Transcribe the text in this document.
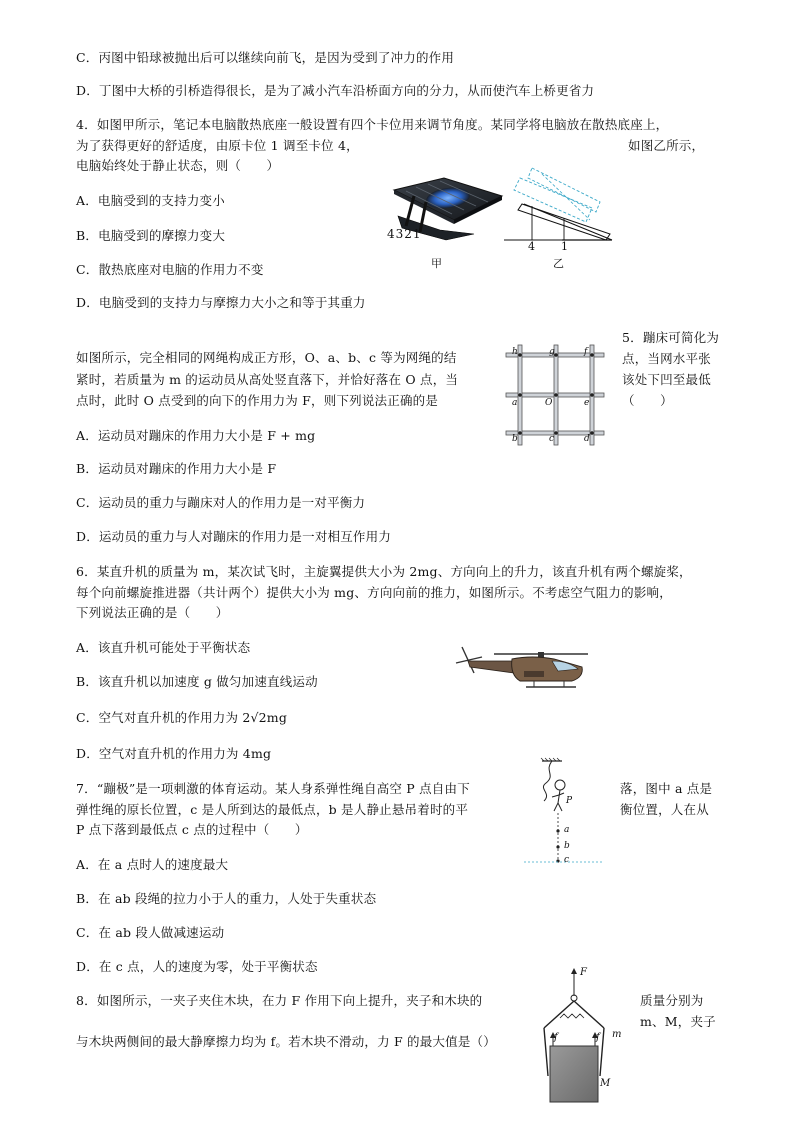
C．丙图中铅球被抛出后可以继续向前飞，是因为受到了冲力的作用
D．丁图中大桥的引桥造得很长，是为了减小汽车沿桥面方向的分力，从而使汽车上桥更省力
4．如图甲所示，笔记本电脑散热底座一般设置有四个卡位用来调节角度。某同学将电脑放在散热底座上，
为了获得更好的舒适度，由原卡位 1 调至卡位 4，	如图乙所示，
电脑始终处于静止状态，则（　　）
A．电脑受到的支持力变小
B．电脑受到的摩擦力变大
C．散热底座对电脑的作用力不变
D．电脑受到的支持力与摩擦力大小之和等于其重力
4321
甲
4 1
乙
5．蹦床可简化为
点，当网水平张
该处下凹至最低
（　　）
如图所示，完全相同的网绳构成正方形，O、a、b、c 等为网绳的结
紧时，若质量为 m 的运动员从高处竖直落下，并恰好落在 O 点，当
点时，此时 O 点受到的向下的作用力为 F，则下列说法正确的是
A．运动员对蹦床的作用力大小是 F + mg
B．运动员对蹦床的作用力大小是 F
C．运动员的重力与蹦床对人的作用力是一对平衡力
D．运动员的重力与人对蹦床的作用力是一对相互作用力
h	g	f
a	O	e
b	c	d
6．某直升机的质量为 m，某次试飞时，主旋翼提供大小为 2mg、方向向上的升力，该直升机有两个螺旋桨，
每个向前螺旋推进器（共计两个）提供大小为 mg、方向向前的推力，如图所示。不考虑空气阻力的影响，
下列说法正确的是（　　）
A．该直升机可能处于平衡状态
B．该直升机以加速度 g 做匀加速直线运动
C．空气对直升机的作用力为 2√2mg
D．空气对直升机的作用力为 4mg
7．“蹦极”是一项刺激的体育运动。某人身系弹性绳自高空 P 点自由下	落，图中 a 点是
弹性绳的原长位置，c 是人所到达的最低点，b 是人静止悬吊着时的平	衡位置，人在从
P 点下落到最低点 c 点的过程中（　　）
A．在 a 点时人的速度最大
B．在 ab 段绳的拉力小于人的重力，人处于失重状态
C．在 ab 段人做减速运动
D．在 c 点，人的速度为零，处于平衡状态
P
a
b
c
8．如图所示，一夹子夹住木块，在力 F 作用下向上提升，夹子和木块的	质量分别为
m、M，夹子
与木块两侧间的最大静摩擦力均为 f。若木块不滑动，力 F 的最大值是（）
F
f	f m
M
